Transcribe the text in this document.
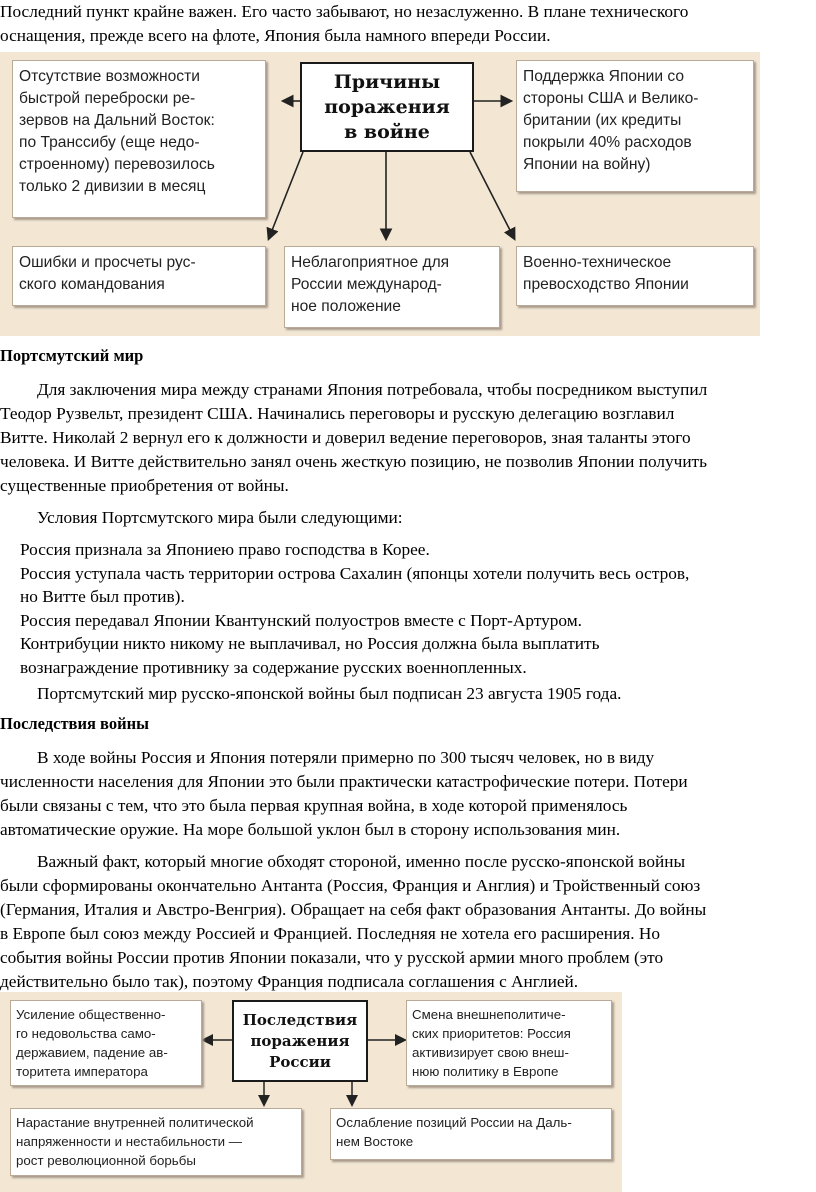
Последний пункт крайне важен. Его часто забывают, но незаслуженно. В плане технического
оснащения, прежде всего на флоте, Япония была намного впереди России.
Отсутствие возможности
быстрой переброски ре-
зервов на Дальний Восток:
по Транссибу (еще недо-
строенному) перевозилось
только 2 дивизии в месяц
Причины
поражения
в войне
Поддержка Японии со
стороны США и Велико-
британии (их кредиты
покрыли 40% расходов
Японии на войну)
Ошибки и просчеты рус-
ского командования
Неблагоприятное для
России международ-
ное положение
Военно-техническое
превосходство Японии
Портсмутский мир
Для заключения мира между странами Япония потребовала, чтобы посредником выступил
Теодор Рузвельт, президент США. Начинались переговоры и русскую делегацию возглавил
Витте. Николай 2 вернул его к должности и доверил ведение переговоров, зная таланты этого
человека. И Витте действительно занял очень жесткую позицию, не позволив Японии получить
существенные приобретения от войны.
Условия Портсмутского мира были следующими:
Россия признала за Япониею право господства в Корее.
Россия уступала часть территории острова Сахалин (японцы хотели получить весь остров,
но Витте был против).
Россия передавал Японии Квантунский полуостров вместе с Порт-Артуром.
Контрибуции никто никому не выплачивал, но Россия должна была выплатить
вознаграждение противнику за содержание русских военнопленных.
Портсмутский мир русско-японской войны был подписан 23 августа 1905 года.
Последствия войны
В ходе войны Россия и Япония потеряли примерно по 300 тысяч человек, но в виду
численности населения для Японии это были практически катастрофические потери. Потери
были связаны с тем, что это была первая крупная война, в ходе которой применялось
автоматические оружие. На море большой уклон был в сторону использования мин.
Важный факт, который многие обходят стороной, именно после русско-японской войны
были сформированы окончательно Антанта (Россия, Франция и Англия) и Тройственный союз
(Германия, Италия и Австро-Венгрия). Обращает на себя факт образования Антанты. До войны
в Европе был союз между Россией и Францией. Последняя не хотела его расширения. Но
события войны России против Японии показали, что у русской армии много проблем (это
действительно было так), поэтому Франция подписала соглашения с Англией.
Усиление общественно-
го недовольства само-
державием, падение ав-
торитета императора
Последствия
поражения
России
Смена внешнеполитиче-
ских приоритетов: Россия
активизирует свою внеш-
нюю политику в Европе
Нарастание внутренней политической
напряженности и нестабильности —
рост революционной борьбы
Ослабление позиций России на Даль-
нем Востоке
